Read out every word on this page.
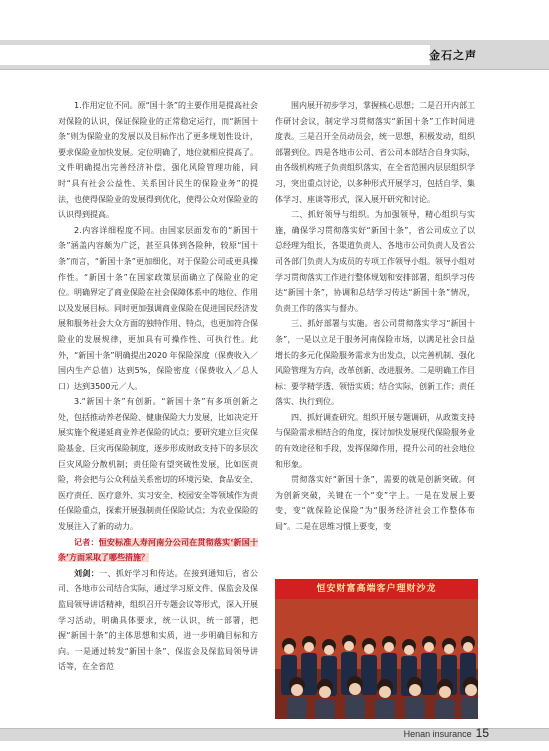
金石之声

1.作用定位不同。原“国十条”的主要作用是提高社会对保险的认识，保证保险业的正常稳定运行，而“新国十条”则为保险业的发展以及目标作出了更多规划性设计，要求保险业加快发展。定位明确了，地位就相应提高了。文件明确提出完善经济补偿，强化风险管理功能，同时“具有社会公益性、关系国计民生的保险业务”的提法，也使得保险业的发展得到优化，使得公众对保险业的认识得到提高。

2.内容详细程度不同。由国家层面发布的“新国十条”涵盖内容颇为广泛，甚至具体到各险种，较原“国十条”而言，“新国十条”更加细化，对于保险公司或更具操作性。“新国十条”在国家政策层面确立了保险业的定位。明确界定了商业保险在社会保障体系中的地位、作用以及发展目标。同时更加强调商业保险在促进国民经济发展和服务社会大众方面的独特作用、特点，也更加符合保险业的发展规律，更加具有可操作性、可执行性。此外，“新国十条”明确提出2020 年保险深度（保费收入／国内生产总值）达到5%，保险密度（保费收入／总人口）达到3500元／人。

3.“新国十条”有创新。“新国十条”有多项创新之处，包括推动养老保险、健康保险大力发展，比如决定开展实施个税递延商业养老保险的试点；要研究建立巨灾保险基金、巨灾再保险制度，逐步形成财政支持下的多层次巨灾风险分散机制；责任险有望突破性发展，比如医责险，将会把与公众利益关系密切的环境污染、食品安全、医疗责任、医疗意外、实习安全、校园安全等领域作为责任保险重点，探索开展强制责任保险试点；为农业保险的发展注入了新的动力。

记者：恒安标准人寿河南分公司在贯彻落实‘新国十条’方面采取了哪些措施？

刘剑：一、抓好学习和传达。在接到通知后，省公司、各地市公司结合实际，通过学习原文件、保监会及保监局领导讲话精神，组织召开专题会议等形式，深入开展学习活动，明确具体要求，统一认识，统一部署，把握“新国十条”的主体思想和实质，进一步明确目标和方向。一是通过转发“新国十条”、保监会及保监局领导讲话等，在全省范

围内展开初步学习，掌握核心思想；二是召开内部工作研讨会议，制定学习贯彻落实“新国十条”工作时间进度表。三是召开全员动员会，统一思想，积极发动，组织部署到位。四是各地市公司、省公司本部结合自身实际，由各级机构班子负责组织落实，在全省范围内层层组织学习，突出重点讨论，以多种形式开展学习，包括自学、集体学习、座谈等形式，深入展开研究和讨论。

二、抓好领导与组织。为加强领导，精心组织与实施，确保学习贯彻落实好“新国十条”，省公司成立了以总经理为组长，各渠道负责人、各地市公司负责人及省公司各部门负责人为成员的专项工作领导小组。领导小组对学习贯彻落实工作进行整体规划和安排部署，组织学习传达“新国十条”，协调和总结学习传达“新国十条”情况，负责工作的落实与督办。

三、抓好部署与实施。省公司贯彻落实学习“新国十条”，一是以立足于服务河南保险市场，以满足社会日益增长的多元化保险服务需求为出发点，以完善机制、强化风险管理为方向，改革创新、改进服务。二是明确工作目标：要学精学透、领悟实质；结合实际，创新工作；责任落实、执行到位。

四、抓好调查研究。组织开展专题调研，从政策支持与保险需求相结合的角度，探讨加快发展现代保险服务业的有效途径和手段，发挥保障作用，提升公司的社会地位和形象。

贯彻落实好“新国十条”，需要的就是创新突破。何为创新突破，关键在一个“变”字上。一是在发展上要变，变“就保险论保险”为“服务经济社会工作整体布局”。二是在思维习惯上要变，变

恒安财富高端客户理财沙龙
Henan insurance 15
